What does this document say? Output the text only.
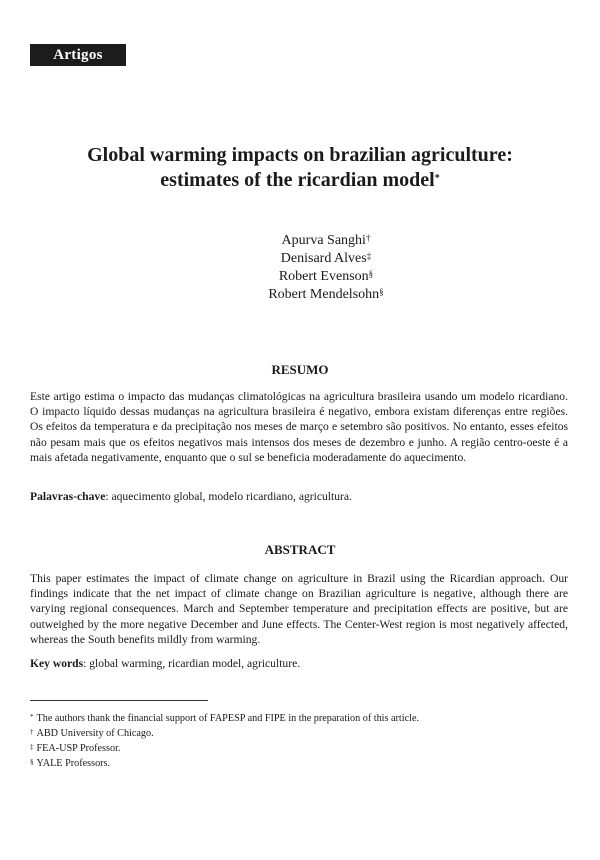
Artigos
Global warming impacts on brazilian agriculture:
estimates of the ricardian model*
Apurva Sanghi†
Denisard Alves‡
Robert Evenson§
Robert Mendelsohn§
RESUMO
Este artigo estima o impacto das mudanças climatológicas na agricultura brasileira usando um modelo ricardiano. O impacto líquido dessas mudanças na agricultura brasileira é negativo, embora existam diferenças entre regiões. Os efeitos da temperatura e da precipitação nos meses de março e setembro são positivos. No entanto, esses efeitos não pesam mais que os efeitos negativos mais intensos dos meses de dezembro e junho. A região centro-oeste é a mais afetada negativamente, enquanto que o sul se beneficia moderadamente do aquecimento.
Palavras-chave: aquecimento global, modelo ricardiano, agricultura.
ABSTRACT
This paper estimates the impact of climate change on agriculture in Brazil using the Ricardian approach. Our findings indicate that the net impact of climate change on Brazilian agriculture is negative, although there are varying regional consequences. March and September temperature and precipitation effects are positive, but are outweighed by the more negative December and June effects. The Center-West region is most negatively affected, whereas the South benefits mildly from warming.
Key words: global warming, ricardian model, agriculture.
* The authors thank the financial support of FAPESP and FIPE in the preparation of this article.
† ABD University of Chicago.
‡ FEA-USP Professor.
§ YALE Professors.
